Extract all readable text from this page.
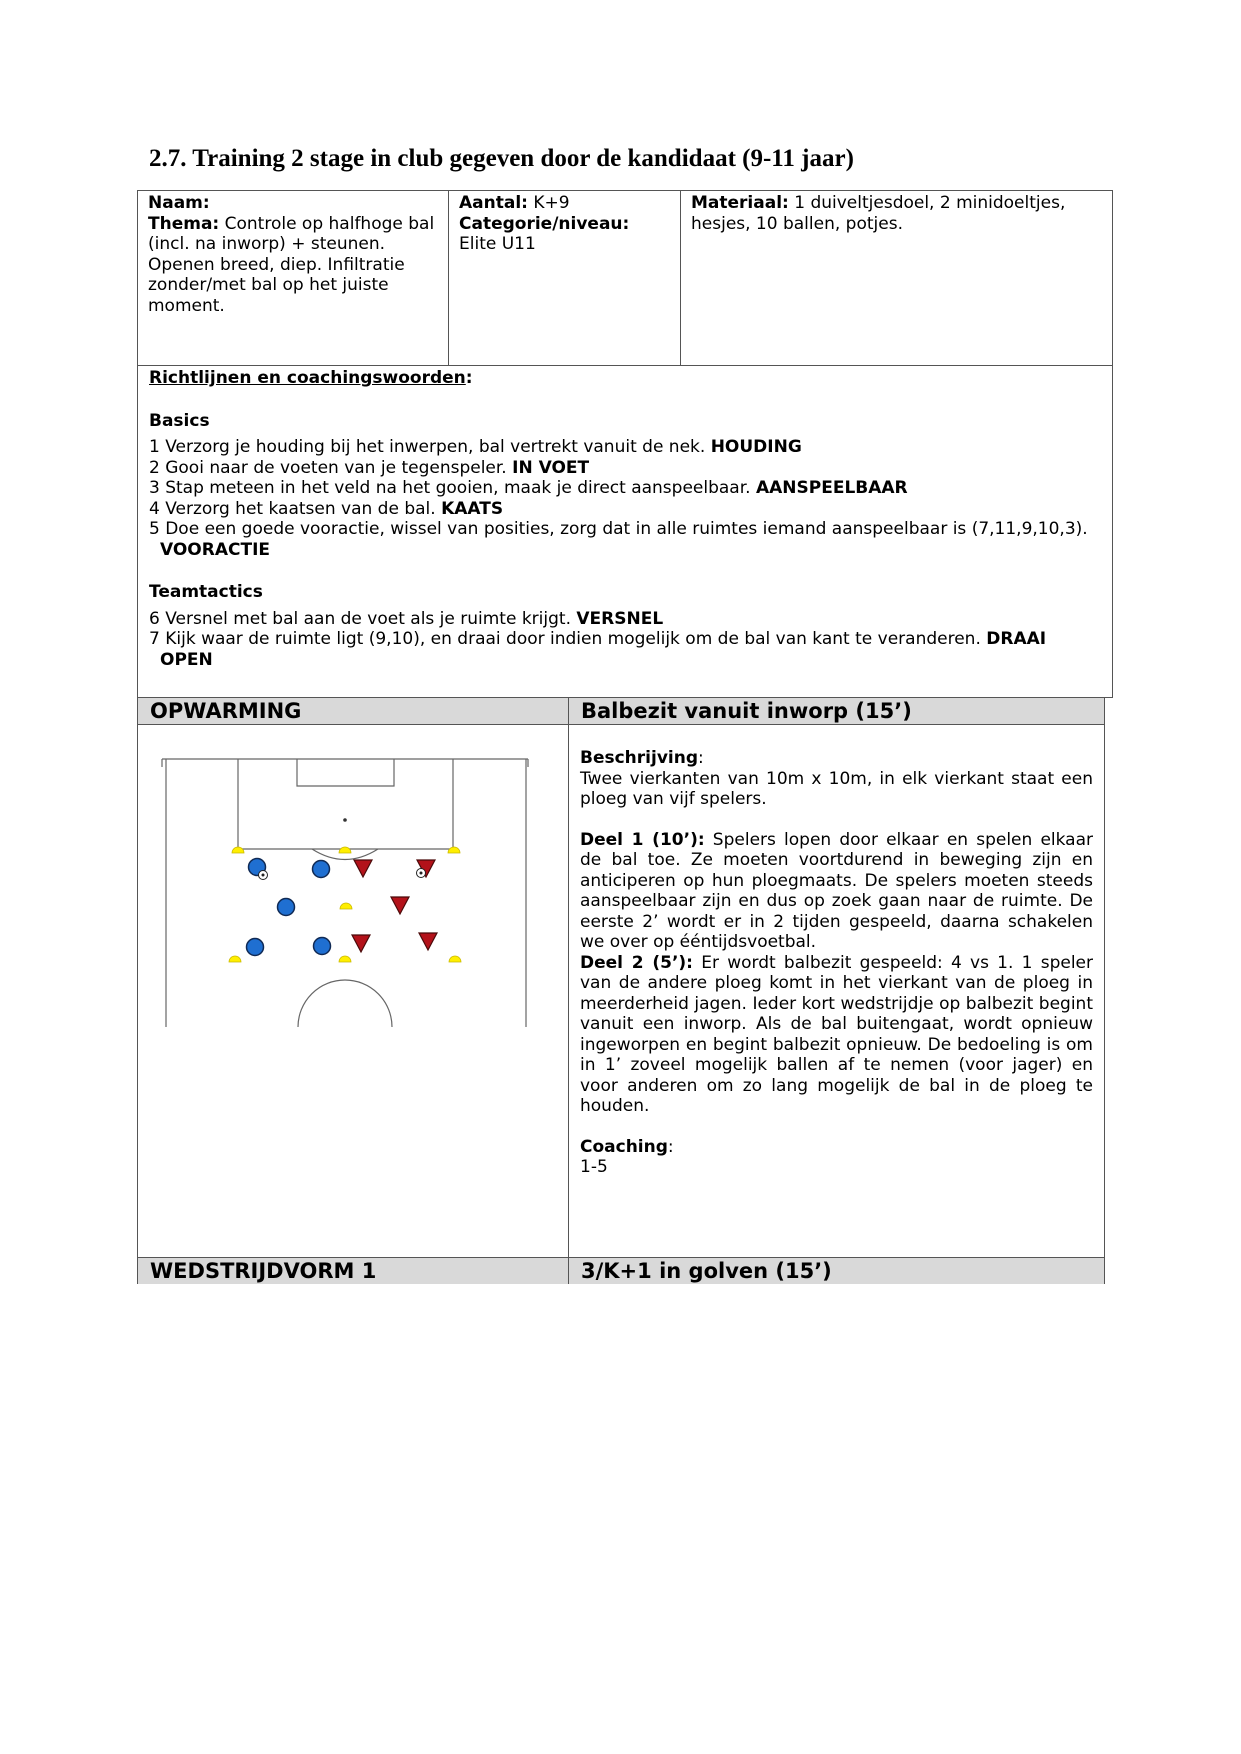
2.7. Training 2 stage in club gegeven door de kandidaat (9-11 jaar)
Naam:
Thema: Controle op halfhoge bal (incl. na inworp) + steunen. Openen breed, diep. Infiltratie zonder/met bal op het juiste moment.
Aantal: K+9
Categorie/niveau:
Elite U11
Materiaal: 1 duiveltjesdoel, 2 minidoeltjes, hesjes, 10 ballen, potjes.
Richtlijnen en coachingswoorden:
Basics

1 Verzorg je houding bij het inwerpen, bal vertrekt vanuit de nek. HOUDING

2 Gooi naar de voeten van je tegenspeler. IN VOET

3 Stap meteen in het veld na het gooien, maak je direct aanspeelbaar. AANSPEELBAAR

4 Verzorg het kaatsen van de bal. KAATS

5 Doe een goede vooractie, wissel van posities, zorg dat in alle ruimtes iemand aanspeelbaar is (7,11,9,10,3).

VOORACTIE

Teamtactics

6 Versnel met bal aan de voet als je ruimte krijgt. VERSNEL

7 Kijk waar de ruimte ligt (9,10), en draai door indien mogelijk om de bal van kant te veranderen. DRAAI

OPEN

OPWARMING	Balbezit vanuit inworp (15’)
Beschrijving:

Twee vierkanten van 10m x 10m, in elk vierkant staat een ploeg van vijf spelers.

Deel 1 (10’): Spelers lopen door elkaar en spelen elkaar de bal toe. Ze moeten voortdurend in beweging zijn en anticiperen op hun ploegmaats. De spelers moeten steeds aanspeelbaar zijn en dus op zoek gaan naar de ruimte. De eerste 2’ wordt er in 2 tijden gespeeld, daarna schakelen we over op ééntijdsvoetbal.

Deel 2 (5’): Er wordt balbezit gespeeld: 4 vs 1. 1 speler van de andere ploeg komt in het vierkant van de ploeg in meerderheid jagen. Ieder kort wedstrijdje op balbezit begint vanuit een inworp. Als de bal buitengaat, wordt opnieuw ingeworpen en begint balbezit opnieuw. De bedoeling is om in 1’ zoveel mogelijk ballen af te nemen (voor jager) en voor anderen om zo lang mogelijk de bal in de ploeg te houden.

Coaching:
1-5
WEDSTRIJDVORM 1	3/K+1 in golven (15’)
